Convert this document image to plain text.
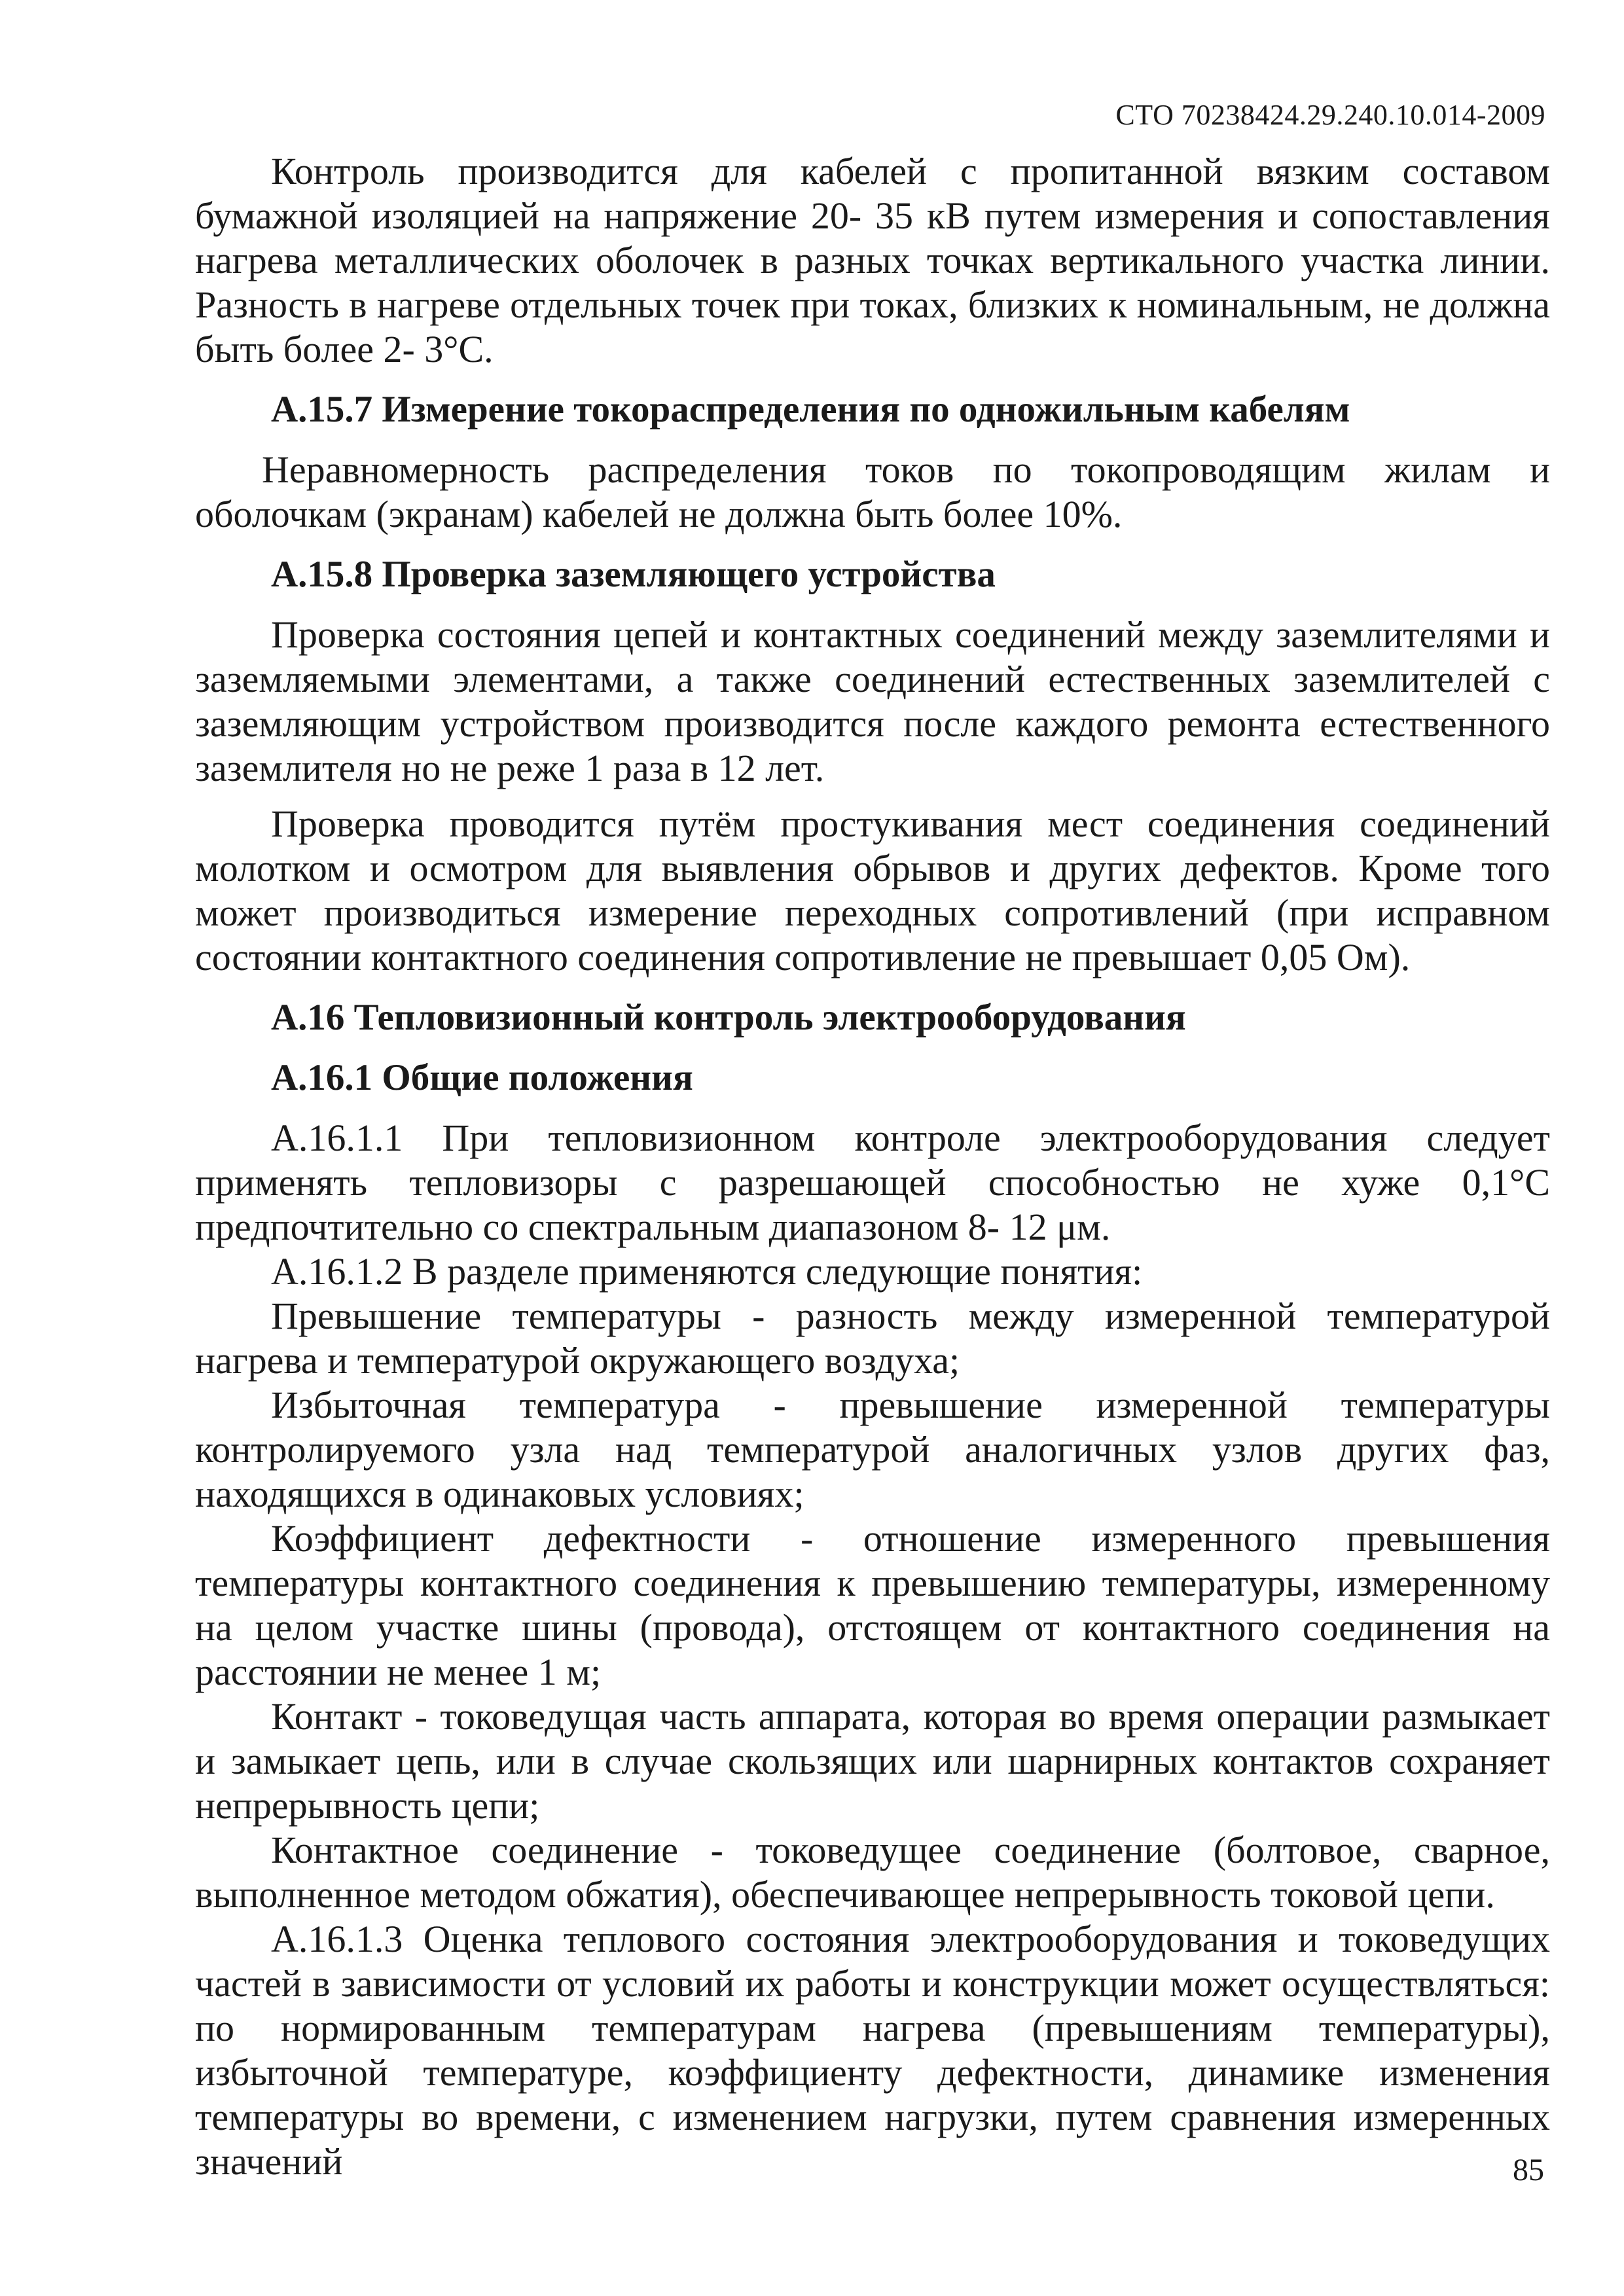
СТО 70238424.29.240.10.014-2009

Контроль производится для кабелей с пропитанной вязким составом бумажной изоляцией на напряжение 20- 35 кВ путем измерения и сопоставления нагрева металлических оболочек в разных точках вертикального участка линии. Разность в нагреве отдельных точек при токах, близких к номинальным, не должна быть более 2- 3°С.

А.15.7 Измерение токораспределения по одножильным кабелям

Неравномерность распределения токов по токопроводящим жилам и оболочкам (экранам) кабелей не должна быть более 10%.

А.15.8 Проверка заземляющего устройства

Проверка состояния цепей и контактных соединений между заземлителями и заземляемыми элементами, а также соединений естественных заземлителей с заземляющим устройством производится после каждого ремонта естественного заземлителя но не реже 1 раза в 12 лет.

Проверка проводится путём простукивания мест соединения соединений молотком и осмотром для выявления обрывов и других дефектов. Кроме того может производиться измерение переходных сопротивлений (при исправном состоянии контактного соединения сопротивление не превышает 0,05 Ом).

А.16 Тепловизионный контроль электрооборудования
А.16.1 Общие положения

А.16.1.1 При тепловизионном контроле электрооборудования следует применять тепловизоры с разрешающей способностью не хуже 0,1°С предпочтительно со спектральным диапазоном 8- 12 μм.

А.16.1.2 В разделе применяются следующие понятия:

Превышение температуры - разность между измеренной температурой нагрева и температурой окружающего воздуха;

Избыточная температура - превышение измеренной температуры контролируемого узла над температурой аналогичных узлов других фаз, находящихся в одинаковых условиях;

Коэффициент дефектности - отношение измеренного превышения температуры контактного соединения к превышению температуры, измеренному на целом участке шины (провода), отстоящем от контактного соединения на расстоянии не менее 1 м;

Контакт - токоведущая часть аппарата, которая во время операции размыкает и замыкает цепь, или в случае скользящих или шарнирных контактов сохраняет непрерывность цепи;

Контактное соединение - токоведущее соединение (болтовое, сварное, выполненное методом обжатия), обеспечивающее непрерывность токовой цепи.

А.16.1.3 Оценка теплового состояния электрооборудования и токоведущих частей в зависимости от условий их работы и конструкции может осуществляться: по нормированным температурам нагрева (превышениям температуры), избыточной температуре, коэффициенту дефектности, динамике изменения температуры во времени, с изменением нагрузки, путем сравнения измеренных значений	85
